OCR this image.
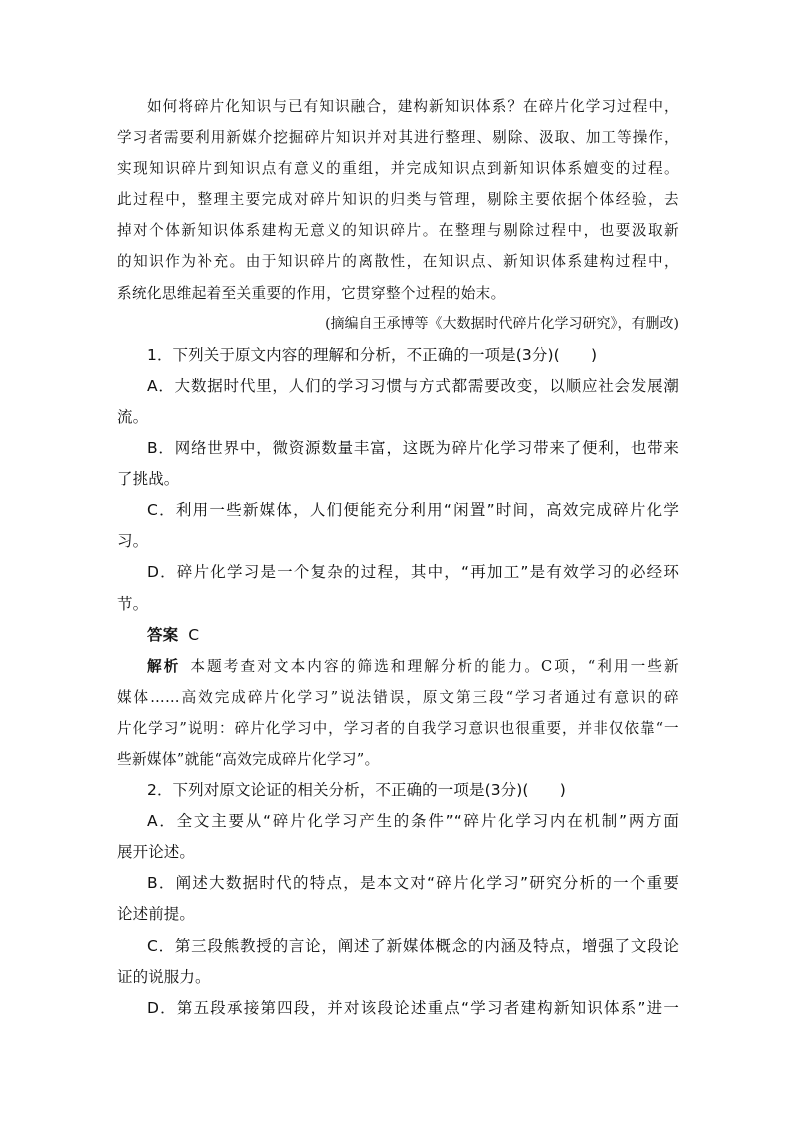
如何将碎片化知识与已有知识融合，建构新知识体系？在碎片化学习过程中，
学习者需要利用新媒介挖掘碎片知识并对其进行整理、剔除、汲取、加工等操作，
实现知识碎片到知识点有意义的重组，并完成知识点到新知识体系嬗变的过程。
此过程中，整理主要完成对碎片知识的归类与管理，剔除主要依据个体经验，去
掉对个体新知识体系建构无意义的知识碎片。在整理与剔除过程中，也要汲取新
的知识作为补充。由于知识碎片的离散性，在知识点、新知识体系建构过程中，
系统化思维起着至关重要的作用，它贯穿整个过程的始末。
(摘编自王承博等《大数据时代碎片化学习研究》，有删改)
1．下列关于原文内容的理解和分析，不正确的一项是(3分)(　　)
A．大数据时代里，人们的学习习惯与方式都需要改变，以顺应社会发展潮
流。
B．网络世界中，微资源数量丰富，这既为碎片化学习带来了便利，也带来
了挑战。
C．利用一些新媒体，人们便能充分利用“闲置”时间，高效完成碎片化学
习。
D．碎片化学习是一个复杂的过程，其中，“再加工”是有效学习的必经环
节。
答案 C
解析 本题考查对文本内容的筛选和理解分析的能力。C项，“利用一些新
媒体……高效完成碎片化学习”说法错误，原文第三段“学习者通过有意识的碎
片化学习”说明：碎片化学习中，学习者的自我学习意识也很重要，并非仅依靠“一
些新媒体”就能“高效完成碎片化学习”。
2．下列对原文论证的相关分析，不正确的一项是(3分)(　　)
A．全文主要从“碎片化学习产生的条件”“碎片化学习内在机制”两方面
展开论述。
B．阐述大数据时代的特点，是本文对“碎片化学习”研究分析的一个重要
论述前提。
C．第三段熊教授的言论，阐述了新媒体概念的内涵及特点，增强了文段论
证的说服力。
D．第五段承接第四段，并对该段论述重点“学习者建构新知识体系”进一
